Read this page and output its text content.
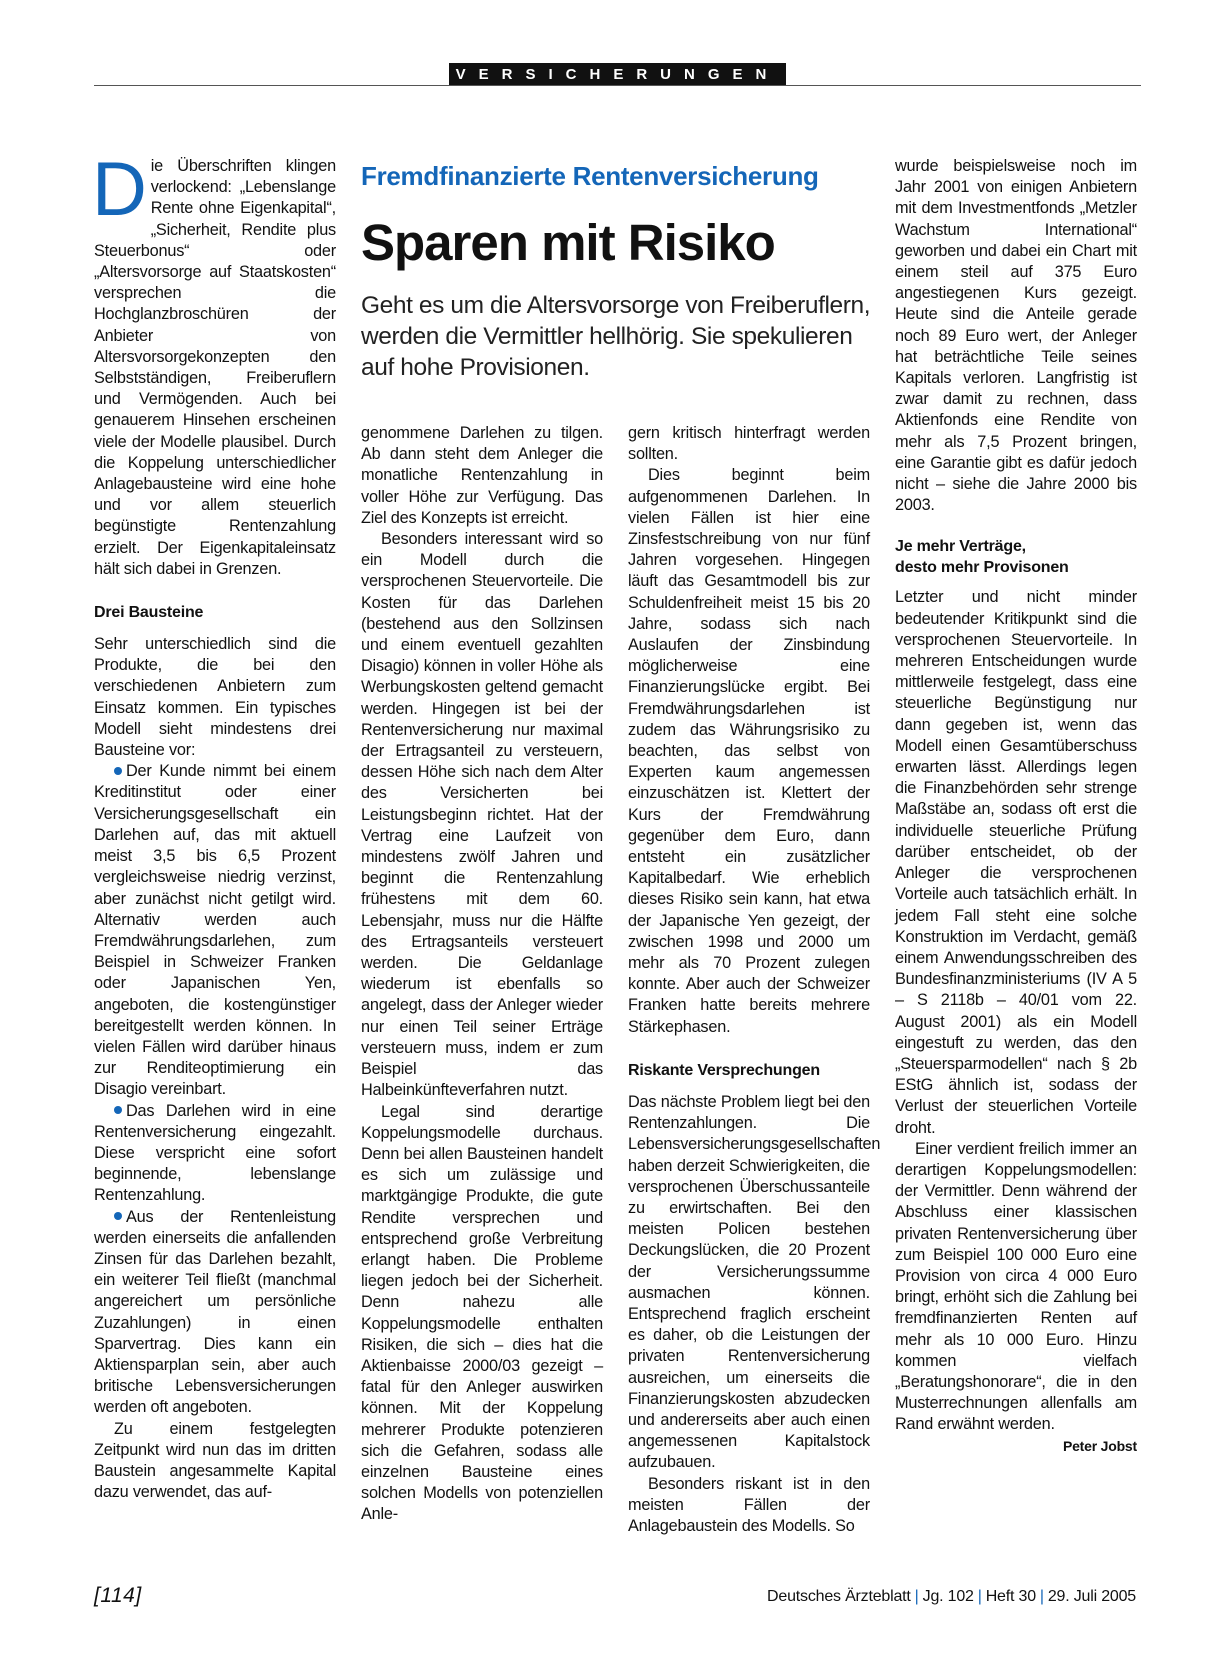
VERSICHERUNGEN

Die Überschriften klingen verlockend: „Lebenslange Rente ohne Eigenkapital“, „Sicherheit, Rendite plus Steuerbonus“ oder „Altersvorsorge auf Staatskosten“ versprechen die Hochglanzbroschüren der Anbieter von Altersvorsorgekonzepten den Selbstständigen, Freiberuflern und Vermögenden. Auch bei genauerem Hinsehen erscheinen viele der Modelle plausibel. Durch die Koppelung unterschiedlicher Anlagebausteine wird eine hohe und vor allem steuerlich begünstigte Rentenzahlung erzielt. Der Eigenkapitaleinsatz hält sich dabei in Grenzen.

Drei Bausteine

Sehr unterschiedlich sind die Produkte, die bei den verschiedenen Anbietern zum Einsatz kommen. Ein typisches Modell sieht mindestens drei Bausteine vor:

Der Kunde nimmt bei einem Kreditinstitut oder einer Versicherungsgesellschaft ein Darlehen auf, das mit aktuell meist 3,5 bis 6,5 Prozent vergleichsweise niedrig verzinst, aber zunächst nicht getilgt wird. Alternativ werden auch Fremdwährungsdarlehen, zum Beispiel in Schweizer Franken oder Japanischen Yen, angeboten, die kostengünstiger bereitgestellt werden können. In vielen Fällen wird darüber hinaus zur Renditeoptimierung ein Disagio vereinbart.

Das Darlehen wird in eine Rentenversicherung eingezahlt. Diese verspricht eine sofort beginnende, lebenslange Rentenzahlung.

Aus der Rentenleistung werden einerseits die anfallenden Zinsen für das Darlehen bezahlt, ein weiterer Teil fließt (manchmal angereichert um persönliche Zuzahlungen) in einen Sparvertrag. Dies kann ein Aktiensparplan sein, aber auch britische Lebensversicherungen werden oft angeboten.

Zu einem festgelegten Zeitpunkt wird nun das im dritten Baustein angesammelte Kapital dazu verwendet, das auf-

Fremdfinanzierte Rentenversicherung
Sparen mit Risiko
Geht es um die Altersvorsorge von Freiberuflern, werden die Vermittler hellhörig. Sie spekulieren auf hohe Provisionen.

genommene Darlehen zu tilgen. Ab dann steht dem Anleger die monatliche Rentenzahlung in voller Höhe zur Verfügung. Das Ziel des Konzepts ist erreicht.

Besonders interessant wird so ein Modell durch die versprochenen Steuervorteile. Die Kosten für das Darlehen (bestehend aus den Sollzinsen und einem eventuell gezahlten Disagio) können in voller Höhe als Werbungskosten geltend gemacht werden. Hingegen ist bei der Rentenversicherung nur maximal der Ertragsanteil zu versteuern, dessen Höhe sich nach dem Alter des Versicherten bei Leistungsbeginn richtet. Hat der Vertrag eine Laufzeit von mindestens zwölf Jahren und beginnt die Rentenzahlung frühestens mit dem 60. Lebensjahr, muss nur die Hälfte des Ertragsanteils versteuert werden. Die Geldanlage wiederum ist ebenfalls so angelegt, dass der Anleger wieder nur einen Teil seiner Erträge versteuern muss, indem er zum Beispiel das Halbeinkünfteverfahren nutzt.

Legal sind derartige Koppelungsmodelle durchaus. Denn bei allen Bausteinen handelt es sich um zulässige und marktgängige Produkte, die gute Rendite versprechen und entsprechend große Verbreitung erlangt haben. Die Probleme liegen jedoch bei der Sicherheit. Denn nahezu alle Koppelungsmodelle enthalten Risiken, die sich – dies hat die Aktienbaisse 2000/03 gezeigt – fatal für den Anleger auswirken können. Mit der Koppelung mehrerer Produkte potenzieren sich die Gefahren, sodass alle einzelnen Bausteine eines solchen Modells von potenziellen Anle-

gern kritisch hinterfragt werden sollten.

Dies beginnt beim aufgenommenen Darlehen. In vielen Fällen ist hier eine Zinsfestschreibung von nur fünf Jahren vorgesehen. Hingegen läuft das Gesamtmodell bis zur Schuldenfreiheit meist 15 bis 20 Jahre, sodass sich nach Auslaufen der Zinsbindung möglicherweise eine Finanzierungslücke ergibt. Bei Fremdwährungsdarlehen ist zudem das Währungsrisiko zu beachten, das selbst von Experten kaum angemessen einzuschätzen ist. Klettert der Kurs der Fremdwährung gegenüber dem Euro, dann entsteht ein zusätzlicher Kapitalbedarf. Wie erheblich dieses Risiko sein kann, hat etwa der Japanische Yen gezeigt, der zwischen 1998 und 2000 um mehr als 70 Prozent zulegen konnte. Aber auch der Schweizer Franken hatte bereits mehrere Stärkephasen.

Riskante Versprechungen

Das nächste Problem liegt bei den Rentenzahlungen. Die Lebensversicherungsgesellschaften haben derzeit Schwierigkeiten, die versprochenen Überschussanteile zu erwirtschaften. Bei den meisten Policen bestehen Deckungslücken, die 20 Prozent der Versicherungssumme ausmachen können. Entsprechend fraglich erscheint es daher, ob die Leistungen der privaten Rentenversicherung ausreichen, um einerseits die Finanzierungskosten abzudecken und andererseits aber auch einen angemessenen Kapitalstock aufzubauen.

Besonders riskant ist in den meisten Fällen der Anlagebaustein des Modells. So

wurde beispielsweise noch im Jahr 2001 von einigen Anbietern mit dem Investmentfonds „Metzler Wachstum International“ geworben und dabei ein Chart mit einem steil auf 375 Euro angestiegenen Kurs gezeigt. Heute sind die Anteile gerade noch 89 Euro wert, der Anleger hat beträchtliche Teile seines Kapitals verloren. Langfristig ist zwar damit zu rechnen, dass Aktienfonds eine Rendite von mehr als 7,5 Prozent bringen, eine Garantie gibt es dafür jedoch nicht – siehe die Jahre 2000 bis 2003.

Je mehr Verträge,
desto mehr Provisonen

Letzter und nicht minder bedeutender Kritikpunkt sind die versprochenen Steuervorteile. In mehreren Entscheidungen wurde mittlerweile festgelegt, dass eine steuerliche Begünstigung nur dann gegeben ist, wenn das Modell einen Gesamtüberschuss erwarten lässt. Allerdings legen die Finanzbehörden sehr strenge Maßstäbe an, sodass oft erst die individuelle steuerliche Prüfung darüber entscheidet, ob der Anleger die versprochenen Vorteile auch tatsächlich erhält. In jedem Fall steht eine solche Konstruktion im Verdacht, gemäß einem Anwendungsschreiben des Bundesfinanzministeriums (IV A 5 – S 2118b – 40/01 vom 22. August 2001) als ein Modell eingestuft zu werden, das den „Steuersparmodellen“ nach § 2b EStG ähnlich ist, sodass der Verlust der steuerlichen Vorteile droht.

Einer verdient freilich immer an derartigen Koppelungsmodellen: der Vermittler. Denn während der Abschluss einer klassischen privaten Rentenversicherung über zum Beispiel 100 000 Euro eine Provision von circa 4 000 Euro bringt, erhöht sich die Zahlung bei fremdfinanzierten Renten auf mehr als 10 000 Euro. Hinzu kommen vielfach „Beratungshonorare“, die in den Musterrechnungen allenfalls am Rand erwähnt werden.
Peter Jobst

[114]	Deutsches Ärzteblatt | Jg. 102 | Heft 30 | 29. Juli 2005
